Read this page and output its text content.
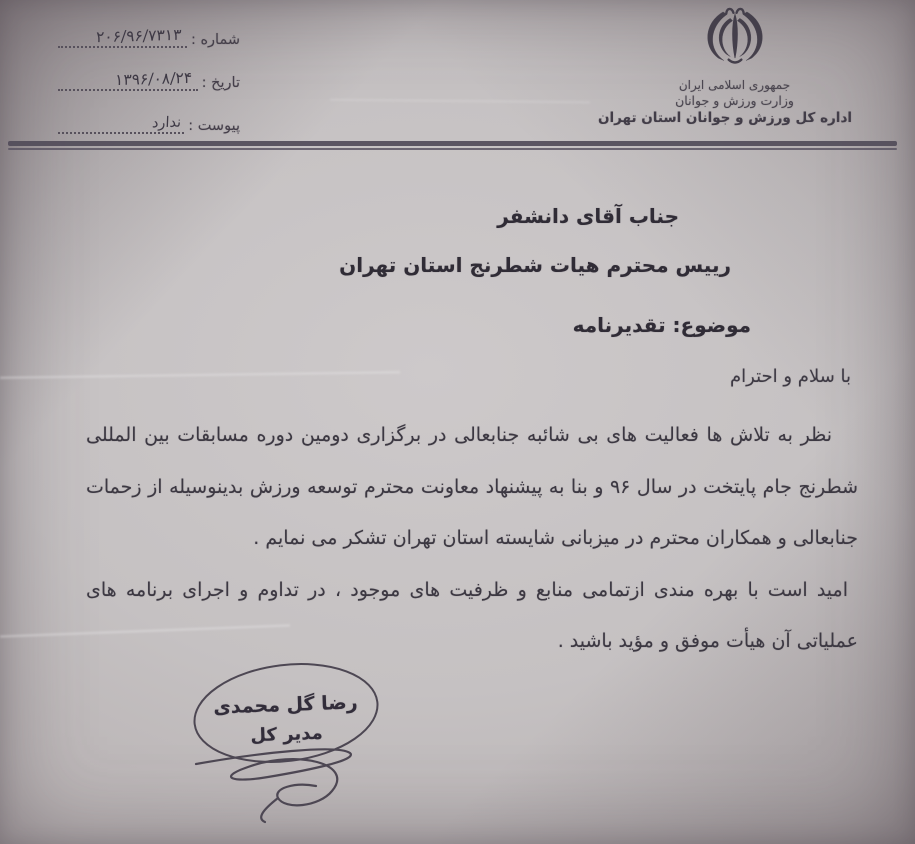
شماره :
۲۰۶/۹۶/۷۳۱۳
تاریخ :
۱۳۹۶/۰۸/۲۴
پیوست :
ندارد
جمهوری اسلامی ایران
وزارت ورزش و جوانان
اداره کل ورزش و جوانان استان تهران
جناب آقای دانشفر
رییس محترم هیات شطرنج استان تهران
موضوع: تقدیرنامه
با سلام و احترام
نظر به تلاش ها فعالیت های بی شائبه جنابعالی در برگزاری دومین دوره مسابقات بین المللی
شطرنج جام پایتخت در سال ۹۶ و بنا به پیشنهاد معاونت محترم توسعه ورزش بدینوسیله از زحمات
جنابعالی و همکاران محترم در میزبانی شایسته استان تهران تشکر می نمایم .
امید است با بهره مندی ازتمامی منابع و ظرفیت های موجود ، در تداوم و اجرای برنامه های
عملیاتی آن هیأت موفق و مؤید باشید .
رضا گل محمدی
مدیر کل
